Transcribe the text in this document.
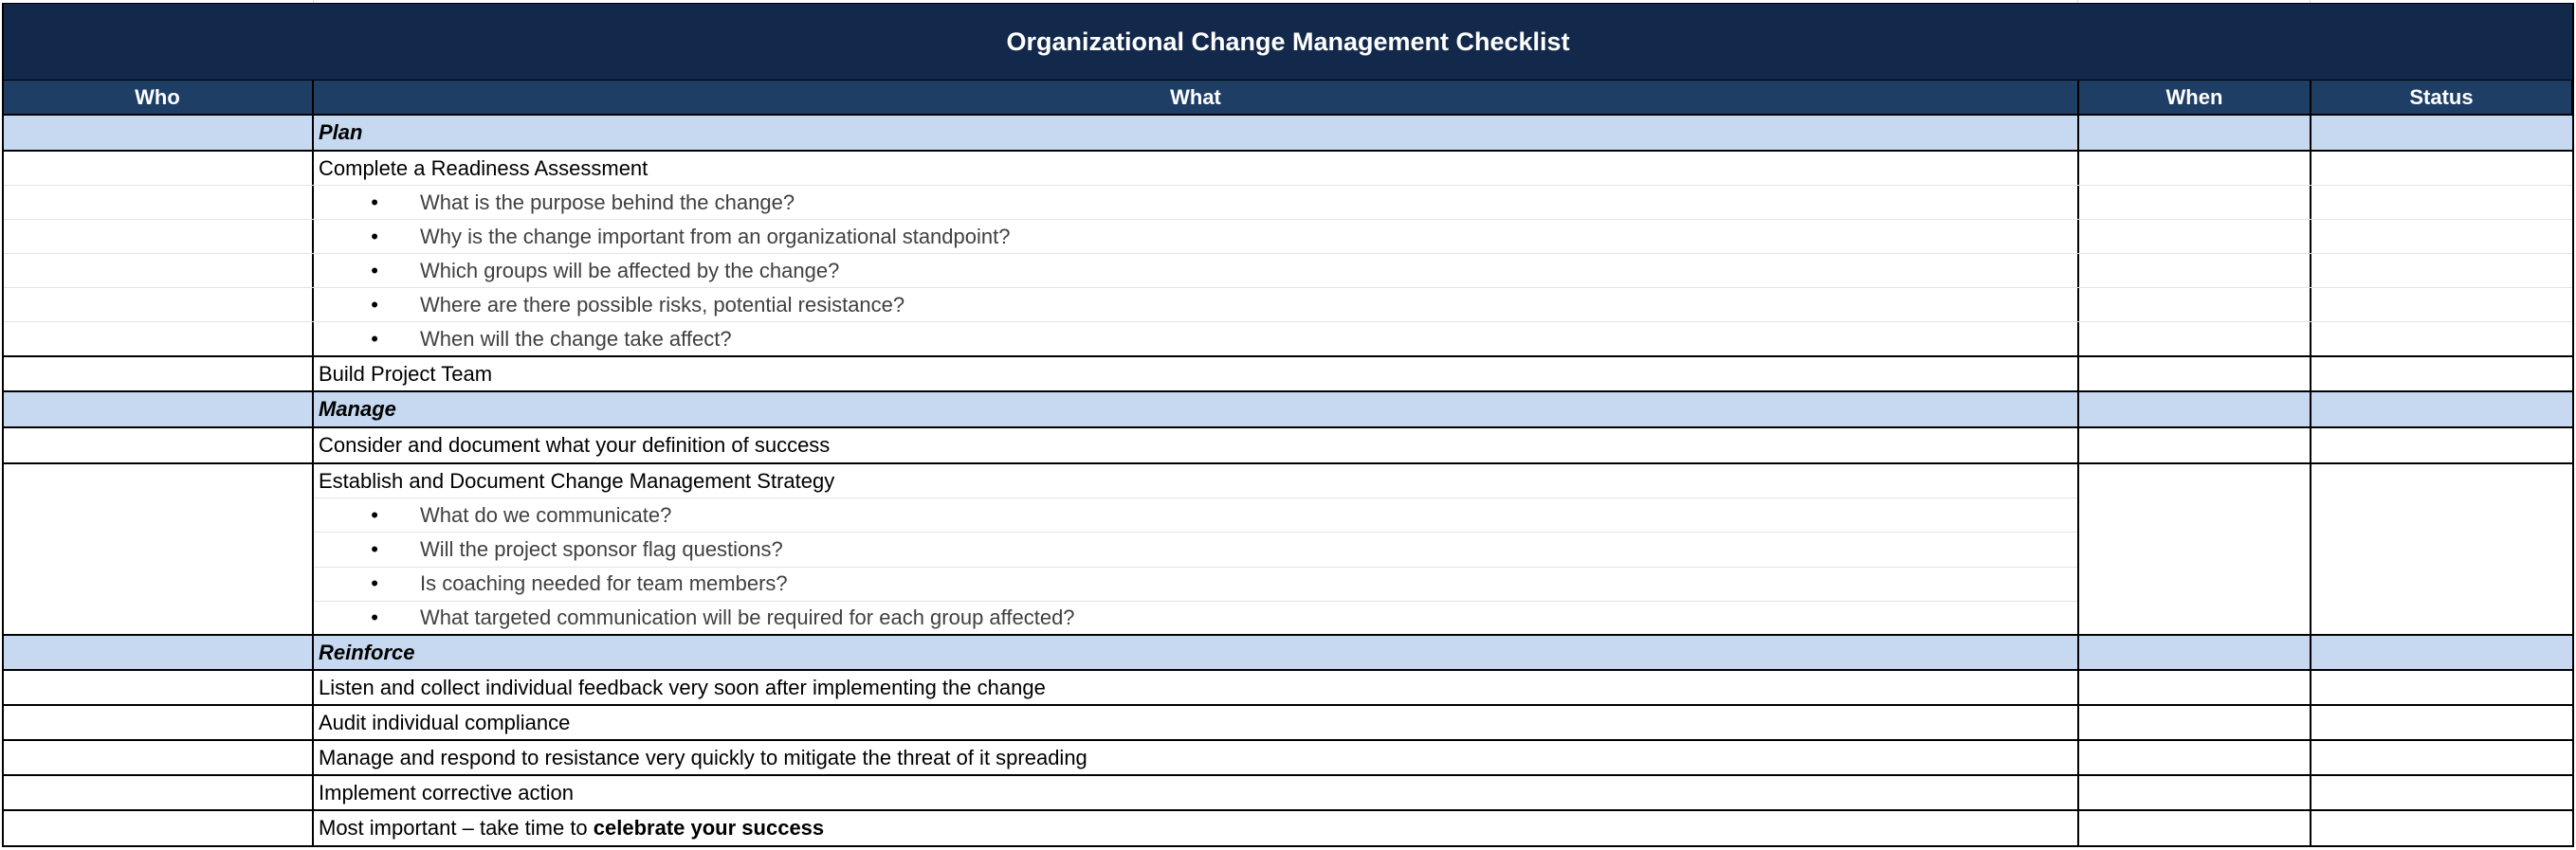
Organizational Change Management Checklist
Who	What	When	Status
Plan
Complete a Readiness Assessment
•	What is the purpose behind the change?
•	Why is the change important from an organizational standpoint?
•	Which groups will be affected by the change?
•	Where are there possible risks, potential resistance?
•	When will the change take affect?
Build Project Team
Manage
Consider and document what your definition of success
Establish and Document Change Management Strategy
•	What do we communicate?
•	Will the project sponsor flag questions?
•	Is coaching needed for team members?
•	What targeted communication will be required for each group affected?
Reinforce
Listen and collect individual feedback very soon after implementing the change
Audit individual compliance
Manage and respond to resistance very quickly to mitigate the threat of it spreading
Implement corrective action
Most important – take time to celebrate your success
